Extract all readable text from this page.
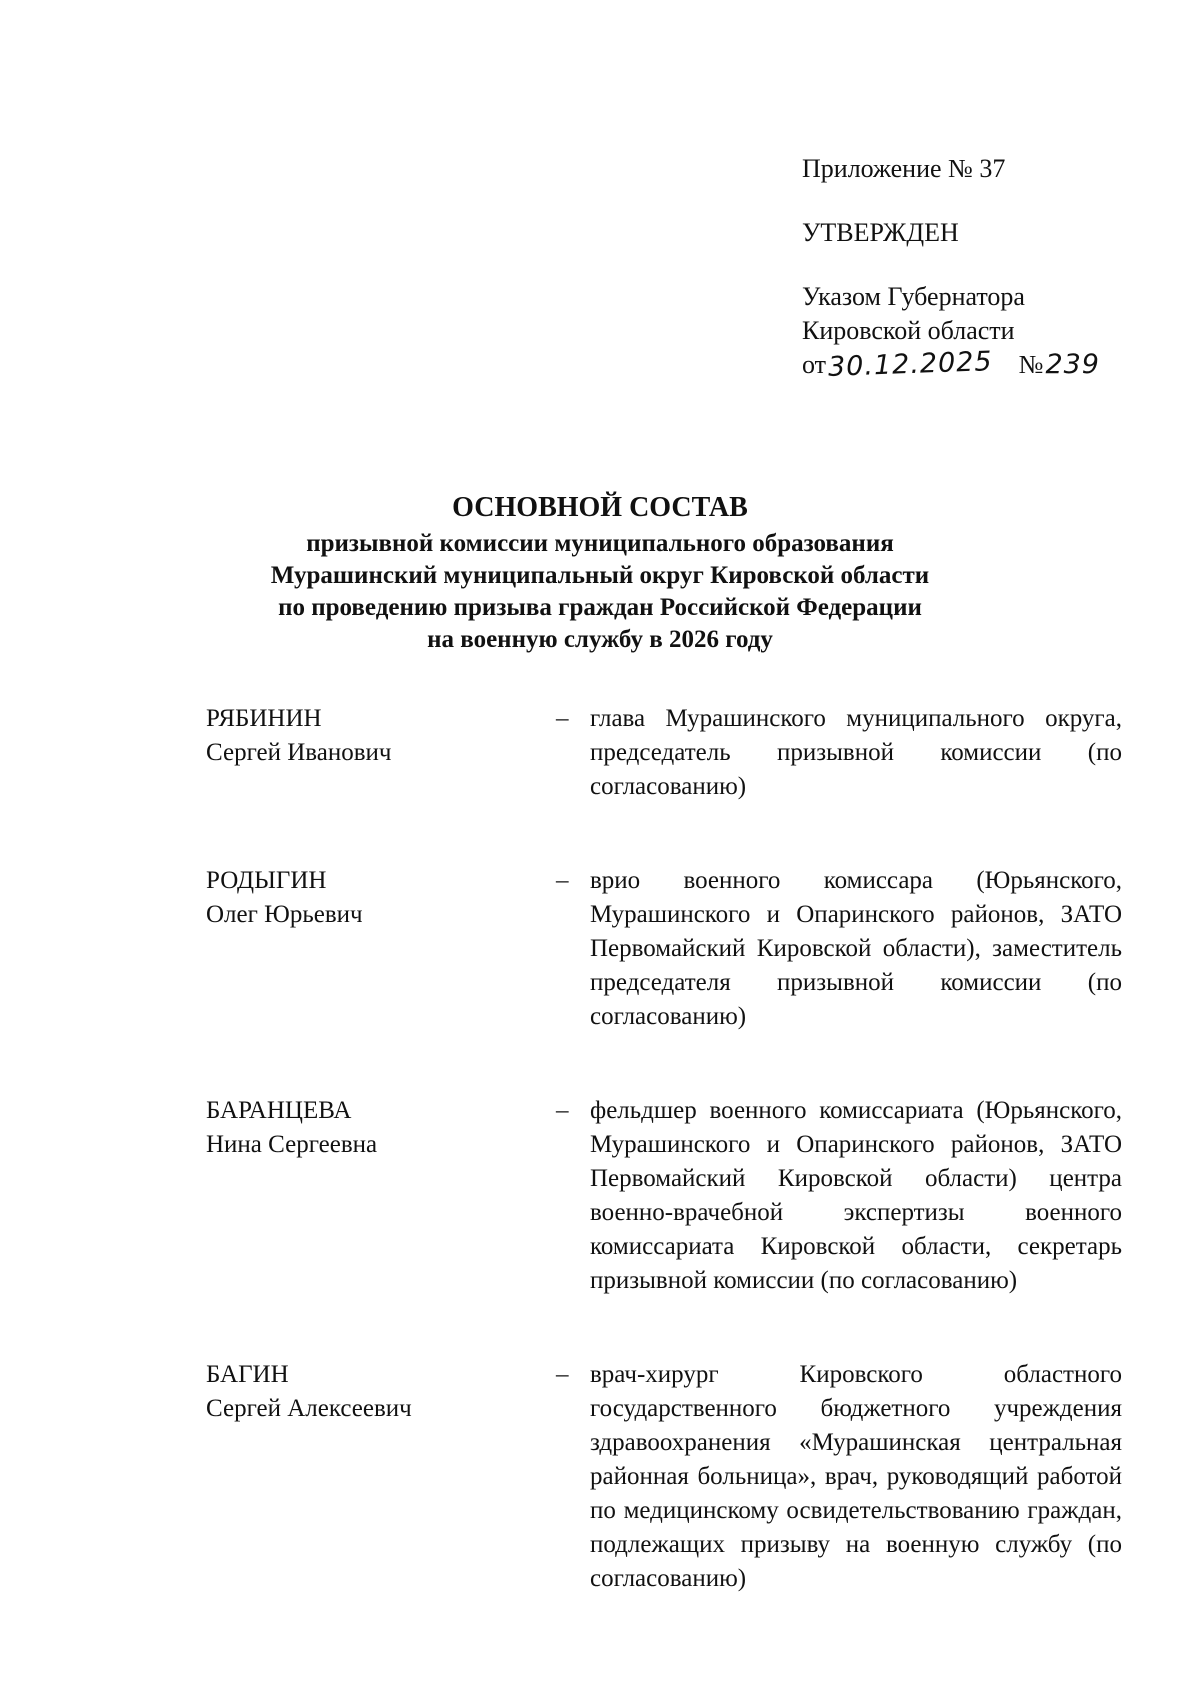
Приложение № 37
УТВЕРЖДЕН
Указом Губернатора
Кировской области
от30.12.2025 №239
ОСНОВНОЙ СОСТАВ
призывной комиссии муниципального образования
Мурашинский муниципальный округ Кировской области
по проведению призыва граждан Российской Федерации
на военную службу в 2026 году
РЯБИНИН
Сергей Иванович
– глава Мурашинского муниципального округа, председатель призывной комиссии (по согласованию)
РОДЫГИН
Олег Юрьевич
– врио военного комиссара (Юрьянского, Мурашинского и Опаринского районов, ЗАТО Первомайский Кировской области), заместитель председателя призывной комиссии (по согласованию)
БАРАНЦЕВА
Нина Сергеевна
– фельдшер военного комиссариата (Юрьянского, Мурашинского и Опаринского районов, ЗАТО Первомайский Кировской области) центра военно-врачебной экспертизы военного комиссариата Кировской области, секретарь призывной комиссии (по согласованию)
БАГИН
Сергей Алексеевич
– врач-хирург Кировского областного государственного бюджетного учреждения здравоохранения «Мурашинская центральная районная больница», врач, руководящий работой по медицинскому освидетельствованию граждан, подлежащих призыву на военную службу (по согласованию)
